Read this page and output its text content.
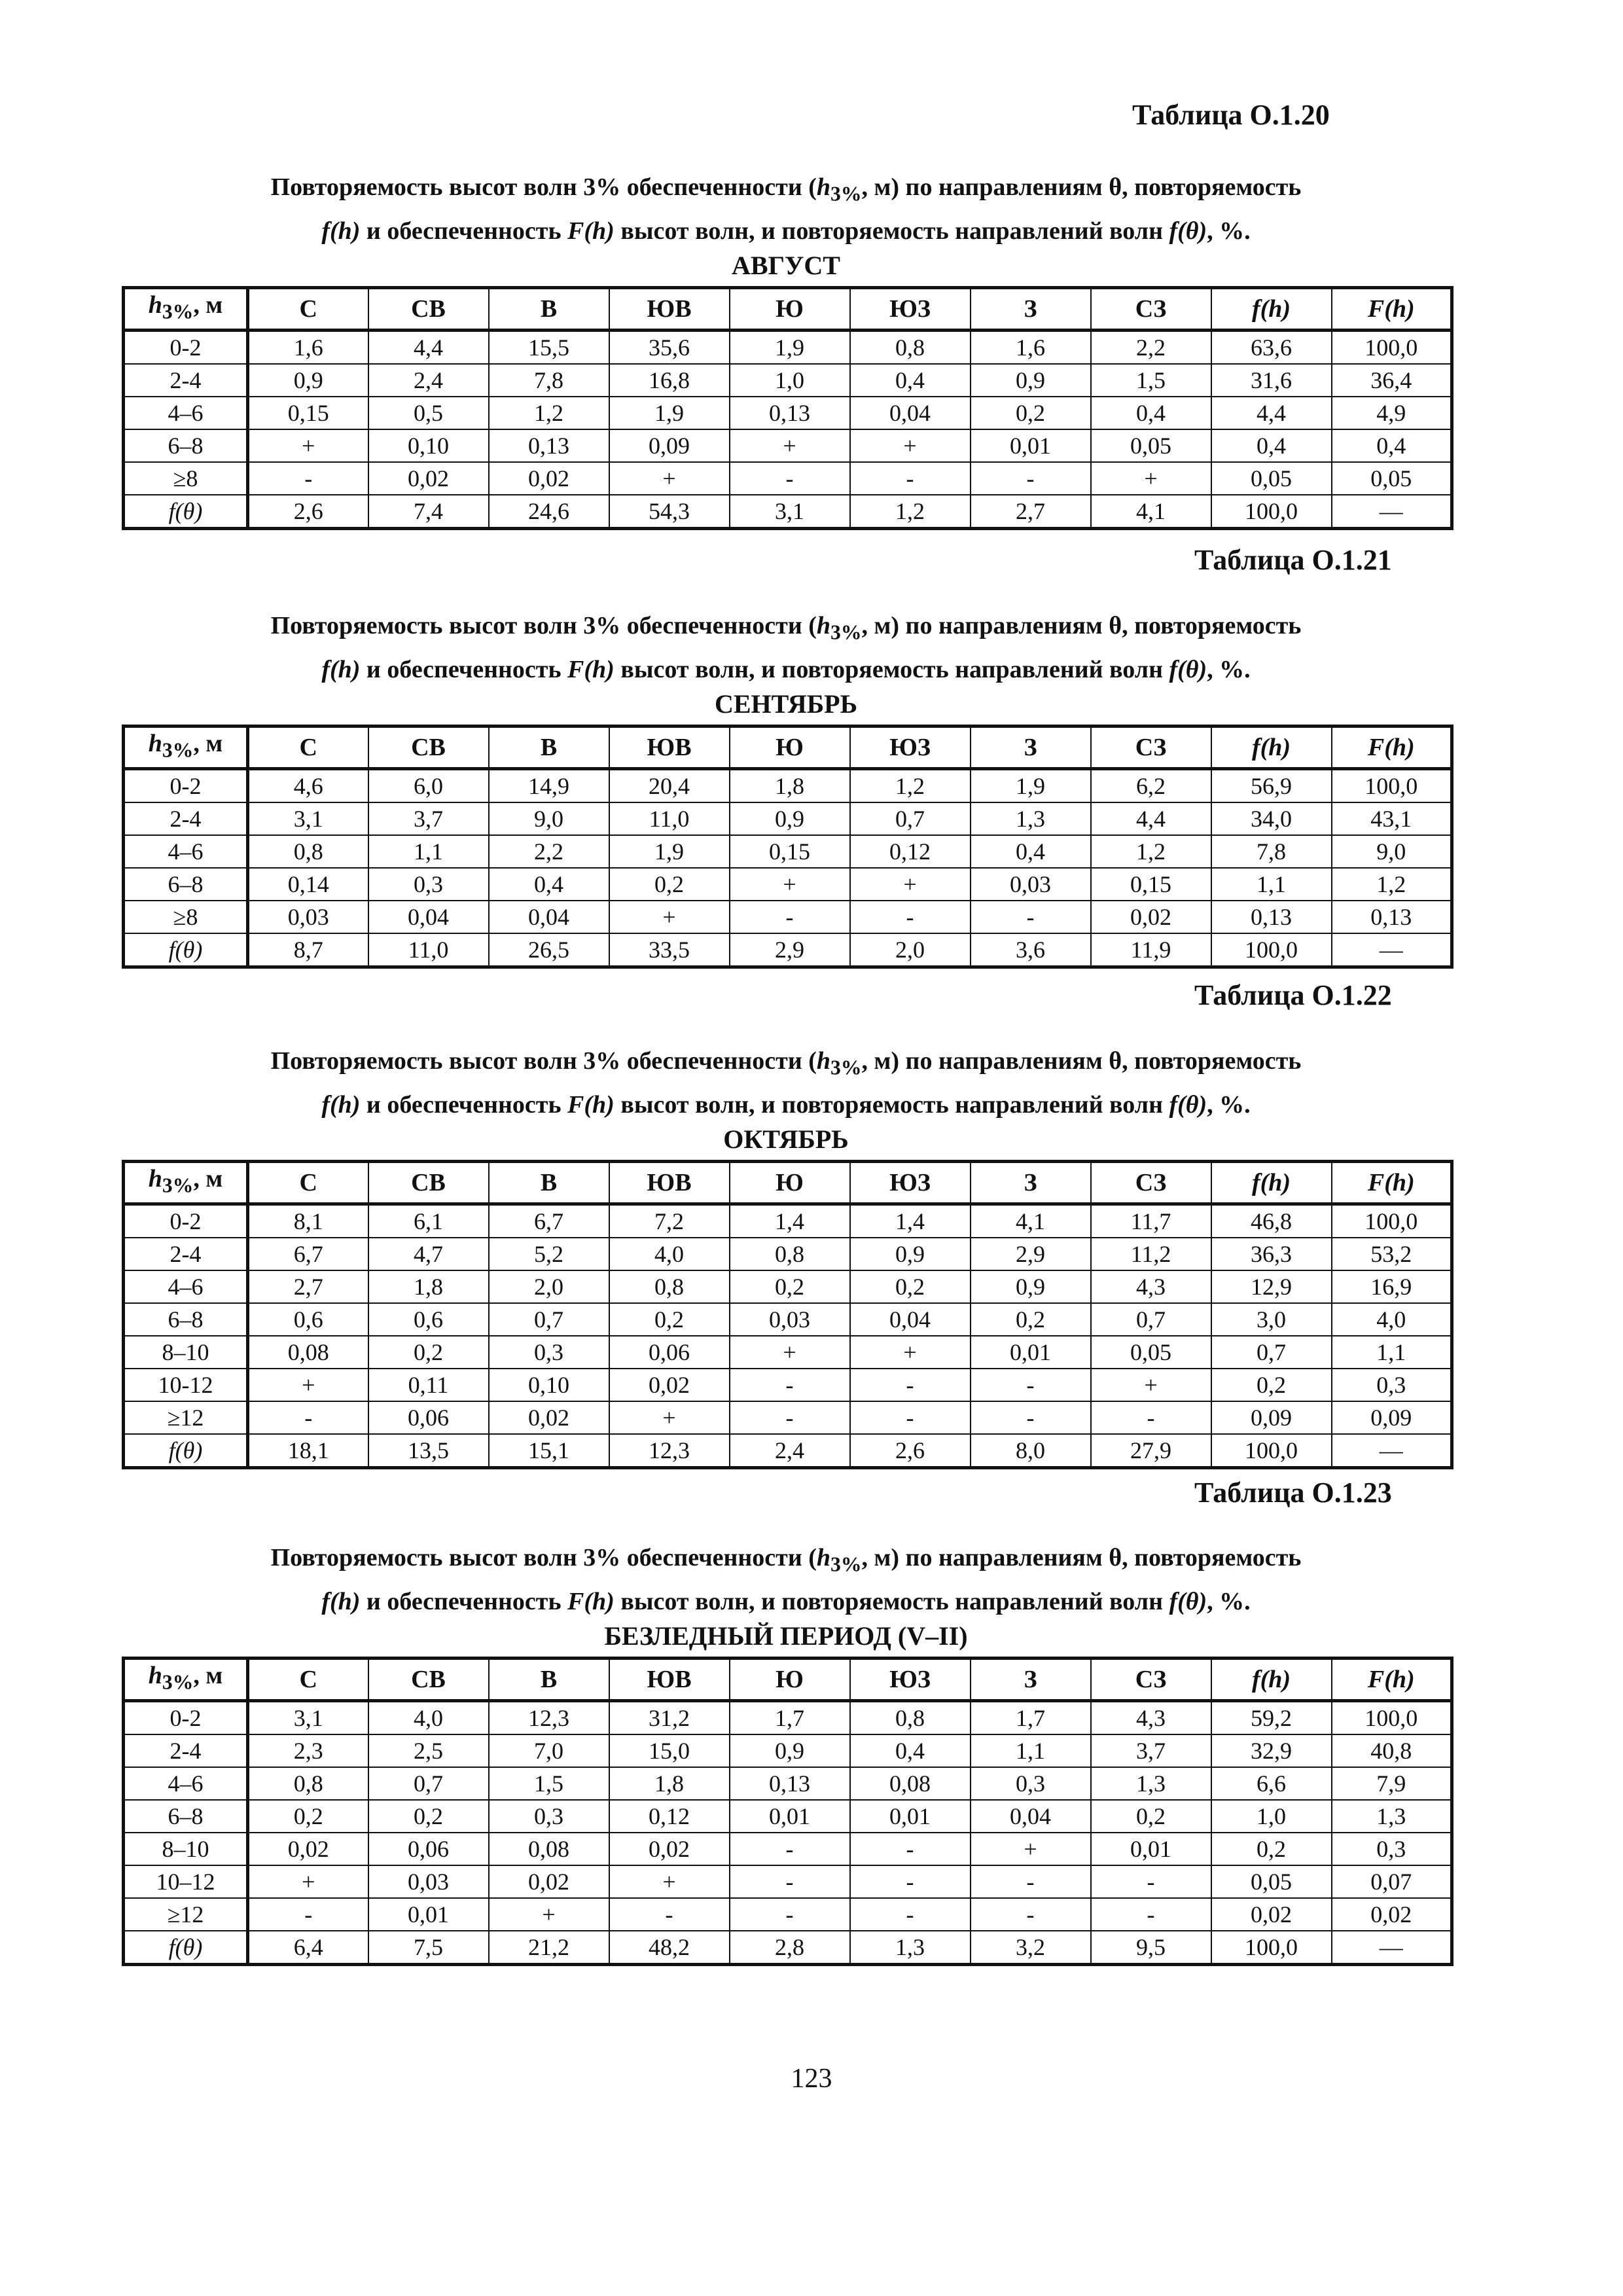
Таблица О.1.20
Повторяемость высот волн 3% обеспеченности ($h_{3\%}$, м) по направлениям θ, повторяемость
f(h) и обеспеченность F(h) высот волн, и повторяемость направлений волн f(θ), %.
АВГУСТ
$h_{3\%}$, м	С	СВ	В	ЮВ	Ю	ЮЗ	З	СЗ	f(h)	F(h)
0-2	1,6	4,4	15,5	35,6	1,9	0,8	1,6	2,2	63,6	100,0
2-4	0,9	2,4	7,8	16,8	1,0	0,4	0,9	1,5	31,6	36,4
4–6	0,15	0,5	1,2	1,9	0,13	0,04	0,2	0,4	4,4	4,9
6–8	+	0,10	0,13	0,09	+	+	0,01	0,05	0,4	0,4
≥8	-	0,02	0,02	+	-	-	-	+	0,05	0,05
f(θ)	2,6	7,4	24,6	54,3	3,1	1,2	2,7	4,1	100,0	—
Таблица О.1.21
Повторяемость высот волн 3% обеспеченности ($h_{3\%}$, м) по направлениям θ, повторяемость
f(h) и обеспеченность F(h) высот волн, и повторяемость направлений волн f(θ), %.
СЕНТЯБРЬ
$h_{3\%}$, м	С	СВ	В	ЮВ	Ю	ЮЗ	З	СЗ	f(h)	F(h)
0-2	4,6	6,0	14,9	20,4	1,8	1,2	1,9	6,2	56,9	100,0
2-4	3,1	3,7	9,0	11,0	0,9	0,7	1,3	4,4	34,0	43,1
4–6	0,8	1,1	2,2	1,9	0,15	0,12	0,4	1,2	7,8	9,0
6–8	0,14	0,3	0,4	0,2	+	+	0,03	0,15	1,1	1,2
≥8	0,03	0,04	0,04	+	-	-	-	0,02	0,13	0,13
f(θ)	8,7	11,0	26,5	33,5	2,9	2,0	3,6	11,9	100,0	—
Таблица О.1.22
Повторяемость высот волн 3% обеспеченности ($h_{3\%}$, м) по направлениям θ, повторяемость
f(h) и обеспеченность F(h) высот волн, и повторяемость направлений волн f(θ), %.
ОКТЯБРЬ
$h_{3\%}$, м	С	СВ	В	ЮВ	Ю	ЮЗ	З	СЗ	f(h)	F(h)
0-2	8,1	6,1	6,7	7,2	1,4	1,4	4,1	11,7	46,8	100,0
2-4	6,7	4,7	5,2	4,0	0,8	0,9	2,9	11,2	36,3	53,2
4–6	2,7	1,8	2,0	0,8	0,2	0,2	0,9	4,3	12,9	16,9
6–8	0,6	0,6	0,7	0,2	0,03	0,04	0,2	0,7	3,0	4,0
8–10	0,08	0,2	0,3	0,06	+	+	0,01	0,05	0,7	1,1
10-12	+	0,11	0,10	0,02	-	-	-	+	0,2	0,3
≥12	-	0,06	0,02	+	-	-	-	-	0,09	0,09
f(θ)	18,1	13,5	15,1	12,3	2,4	2,6	8,0	27,9	100,0	—
Таблица О.1.23
Повторяемость высот волн 3% обеспеченности ($h_{3\%}$, м) по направлениям θ, повторяемость
f(h) и обеспеченность F(h) высот волн, и повторяемость направлений волн f(θ), %.
БЕЗЛЕДНЫЙ ПЕРИОД (V–II)
$h_{3\%}$, м	С	СВ	В	ЮВ	Ю	ЮЗ	З	СЗ	f(h)	F(h)
0-2	3,1	4,0	12,3	31,2	1,7	0,8	1,7	4,3	59,2	100,0
2-4	2,3	2,5	7,0	15,0	0,9	0,4	1,1	3,7	32,9	40,8
4–6	0,8	0,7	1,5	1,8	0,13	0,08	0,3	1,3	6,6	7,9
6–8	0,2	0,2	0,3	0,12	0,01	0,01	0,04	0,2	1,0	1,3
8–10	0,02	0,06	0,08	0,02	-	-	+	0,01	0,2	0,3
10–12	+	0,03	0,02	+	-	-	-	-	0,05	0,07
≥12	-	0,01	+	-	-	-	-	-	0,02	0,02
f(θ)	6,4	7,5	21,2	48,2	2,8	1,3	3,2	9,5	100,0	—
123
